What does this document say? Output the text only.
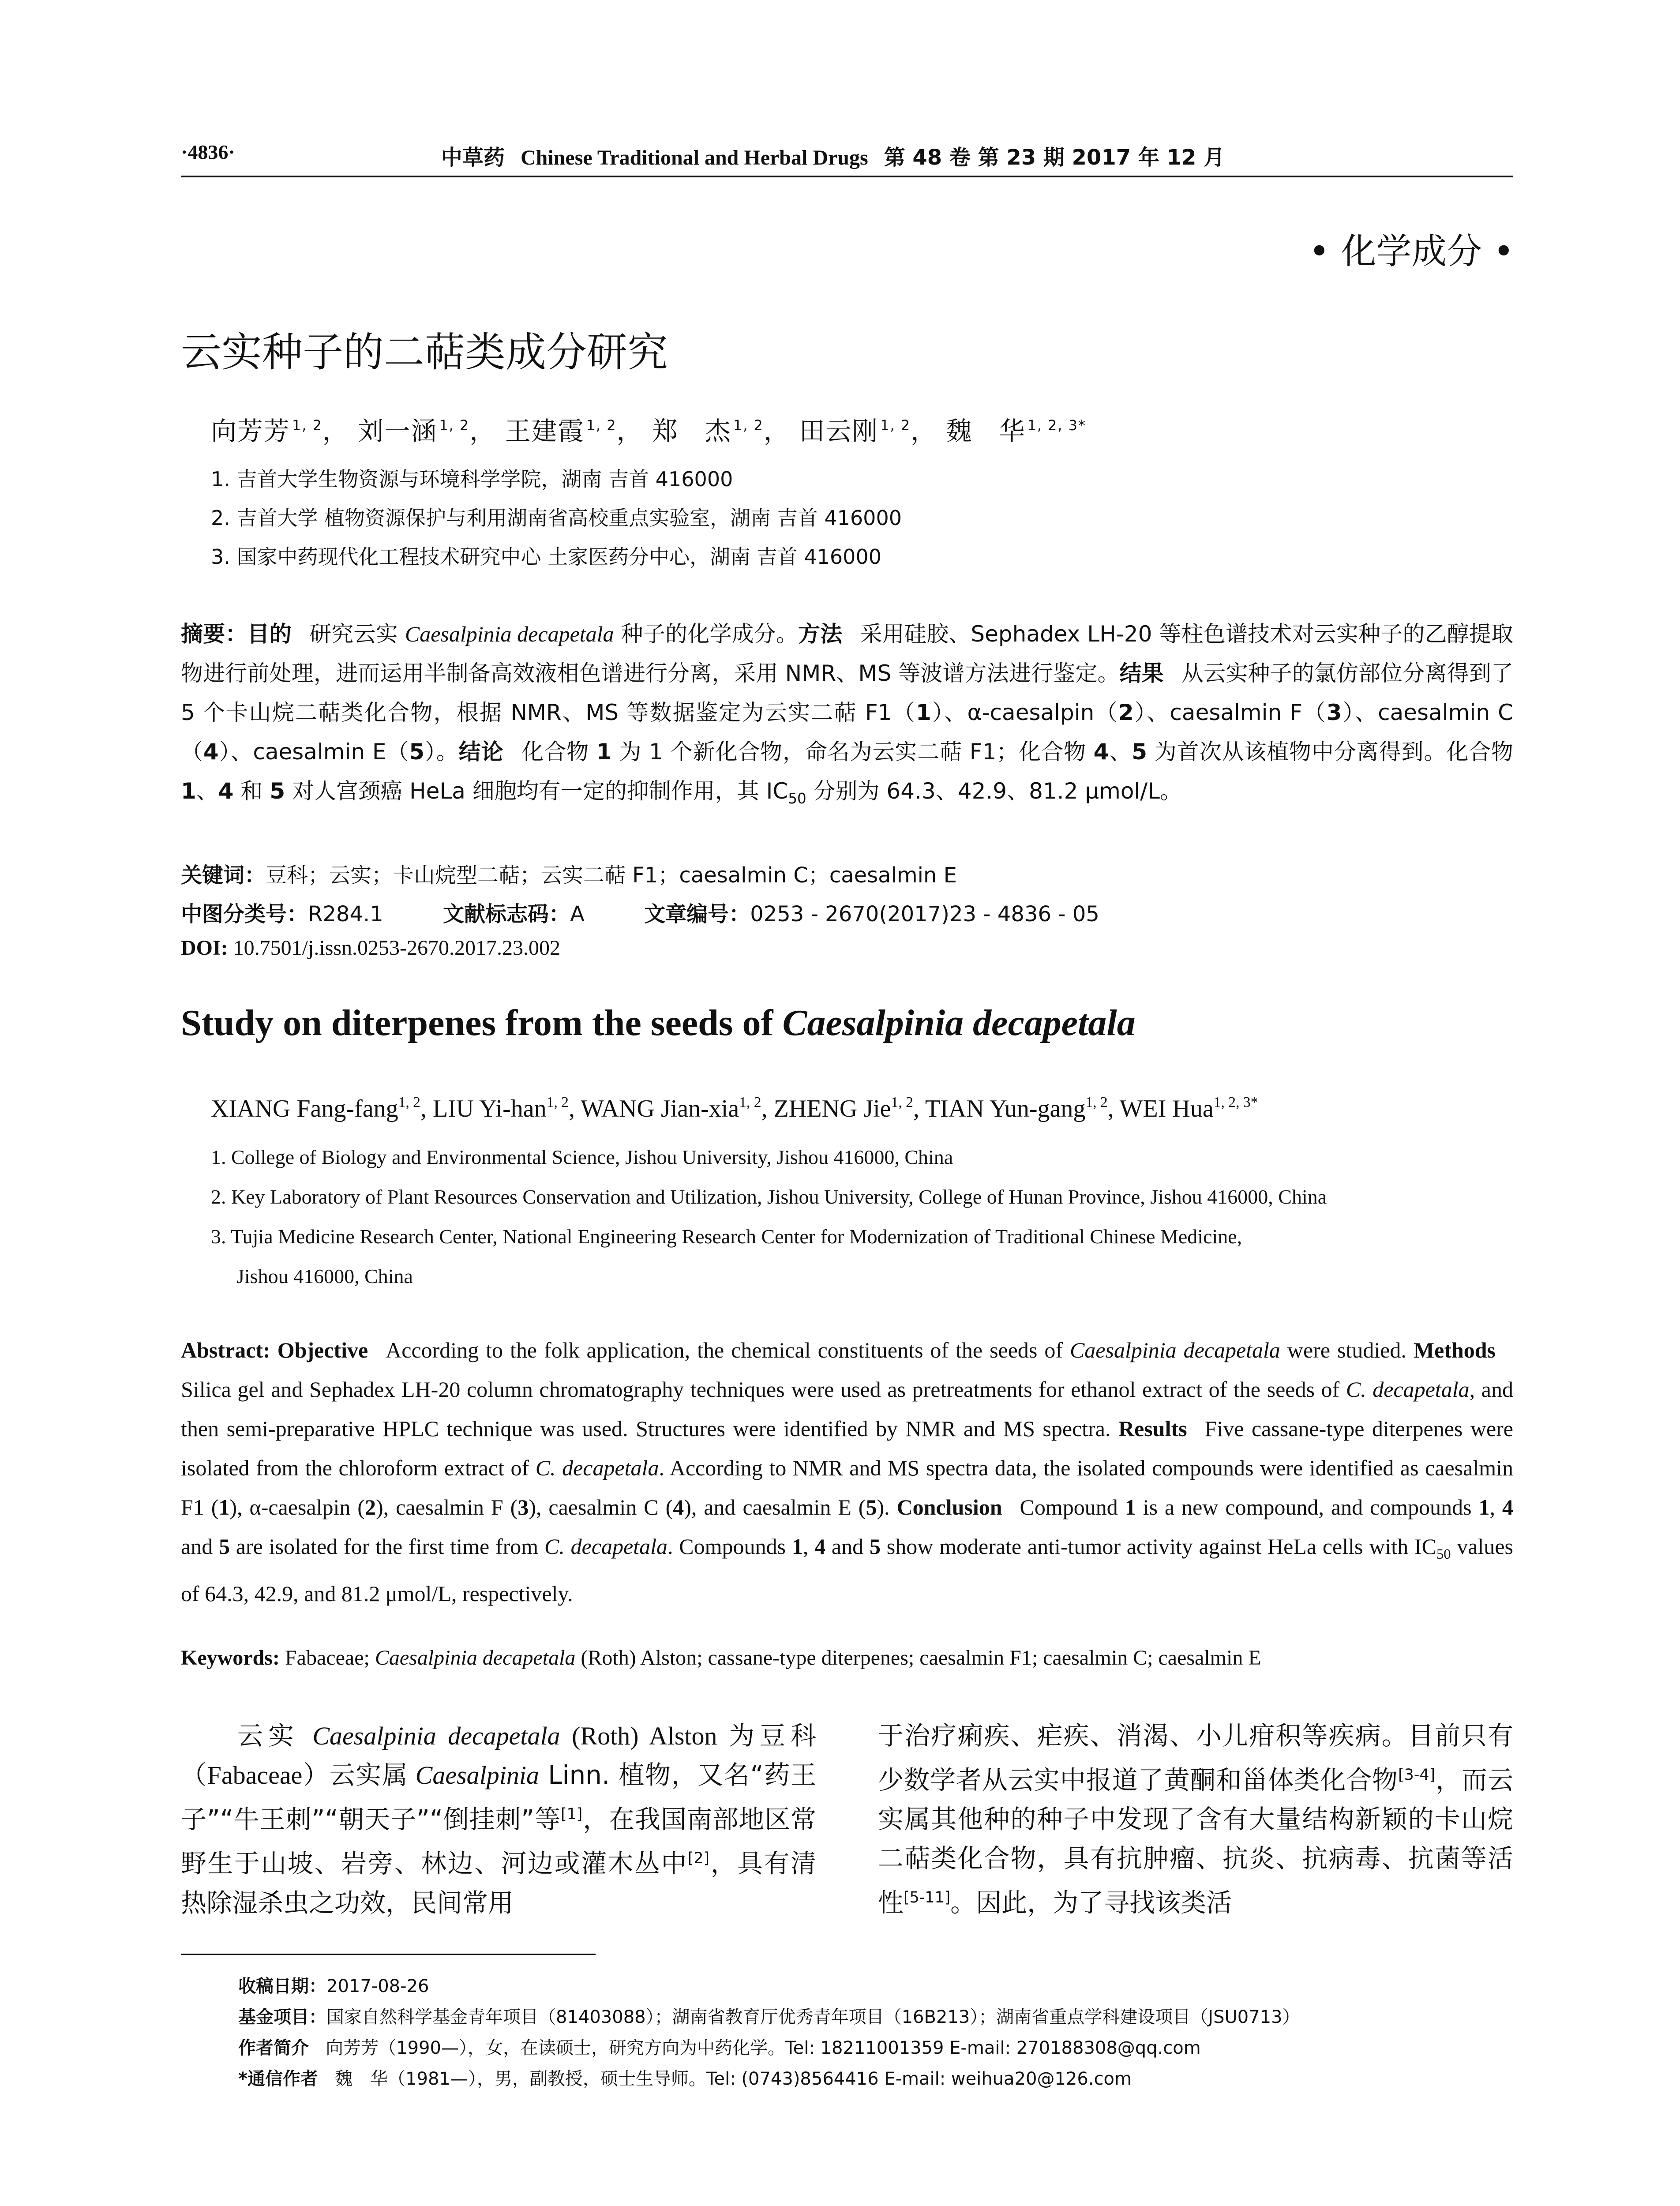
·4836·	中草药 Chinese Traditional and Herbal Drugs 第 48 卷 第 23 期 2017 年 12 月
• 化学成分 •
云实种子的二萜类成分研究
向芳芳 $^{1, 2}$， 刘一涵 $^{1, 2}$， 王建霞 $^{1, 2}$， 郑　杰 $^{1, 2}$， 田云刚 $^{1, 2}$， 魏　华 $^{1, 2, 3*}$
1. 吉首大学生物资源与环境科学学院，湖南 吉首 416000
2. 吉首大学 植物资源保护与利用湖南省高校重点实验室，湖南 吉首 416000
3. 国家中药现代化工程技术研究中心 土家医药分中心，湖南 吉首 416000
摘要：目的 研究云实 Caesalpinia decapetala 种子的化学成分。方法 采用硅胶、Sephadex LH-20 等柱色谱技术对云实种子的乙醇提取物进行前处理，进而运用半制备高效液相色谱进行分离，采用 NMR、MS 等波谱方法进行鉴定。结果 从云实种子的氯仿部位分离得到了 5 个卡山烷二萜类化合物，根据 NMR、MS 等数据鉴定为云实二萜 F1（1）、α-caesalpin（2）、caesalmin F（3）、caesalmin C（4）、caesalmin E（5）。结论 化合物 1 为 1 个新化合物，命名为云实二萜 F1；化合物 4、5 为首次从该植物中分离得到。化合物 1、4 和 5 对人宫颈癌 HeLa 细胞均有一定的抑制作用，其 $IC_{50}$ 分别为 64.3、42.9、81.2 μmol/L。
关键词：豆科；云实；卡山烷型二萜；云实二萜 F1；caesalmin C；caesalmin E
中图分类号：R284.1	文献标志码：A	文章编号：0253 - 2670(2017)23 - 4836 - 05
DOI: 10.7501/j.issn.0253-2670.2017.23.002
Study on diterpenes from the seeds of Caesalpinia decapetala
XIANG Fang-fang$^{1, 2}$, LIU Yi-han$^{1, 2}$, WANG Jian-xia$^{1, 2}$, ZHENG Jie$^{1, 2}$, TIAN Yun-gang$^{1, 2}$, WEI Hua$^{1, 2, 3*}$
1. College of Biology and Environmental Science, Jishou University, Jishou 416000, China
2. Key Laboratory of Plant Resources Conservation and Utilization, Jishou University, College of Hunan Province, Jishou 416000, China
3. Tujia Medicine Research Center, National Engineering Research Center for Modernization of Traditional Chinese Medicine,
Jishou 416000, China
Abstract: Objective According to the folk application, the chemical constituents of the seeds of Caesalpinia decapetala were studied. MethodsSilica gel and Sephadex LH-20 column chromatography techniques were used as pretreatments for ethanol extract of the seeds of C. decapetala, and then semi-preparative HPLC technique was used. Structures were identified by NMR and MS spectra. Results Five cassane-type diterpenes were isolated from the chloroform extract of C. decapetala. According to NMR and MS spectra data, the isolated compounds were identified as caesalmin F1 (1), α-caesalpin (2), caesalmin F (3), caesalmin C (4), and caesalmin E (5). Conclusion Compound 1 is a new compound, and compounds 1, 4 and 5 are isolated for the first time from C. decapetala. Compounds 1, 4 and 5 show moderate anti-tumor activity against HeLa cells with $IC_{50}$ values of 64.3, 42.9, and 81.2 μmol/L, respectively.
Keywords: Fabaceae; Caesalpinia decapetala (Roth) Alston; cassane-type diterpenes; caesalmin F1; caesalmin C; caesalmin E
云实 Caesalpinia decapetala (Roth) Alston 为豆科（Fabaceae）云实属 Caesalpinia Linn. 植物，又名“药王子”“牛王刺”“朝天子”“倒挂刺”等[1]，在我国南部地区常野生于山坡、岩旁、林边、河边或灌木丛中[2]，具有清热除湿杀虫之功效，民间常用
于治疗痢疾、疟疾、消渴、小儿疳积等疾病。目前只有少数学者从云实中报道了黄酮和甾体类化合物[3-4]，而云实属其他种的种子中发现了含有大量结构新颖的卡山烷二萜类化合物，具有抗肿瘤、抗炎、抗病毒、抗菌等活性[5-11]。因此，为了寻找该类活
收稿日期：2017-08-26
基金项目：国家自然科学基金青年项目（81403088）；湖南省教育厅优秀青年项目（16B213）；湖南省重点学科建设项目（JSU0713）
作者简介 向芳芳（1990—），女，在读硕士，研究方向为中药化学。Tel: 18211001359 E-mail: 270188308@qq.com
*通信作者 魏　华（1981—），男，副教授，硕士生导师。Tel: (0743)8564416 E-mail: weihua20@126.com
